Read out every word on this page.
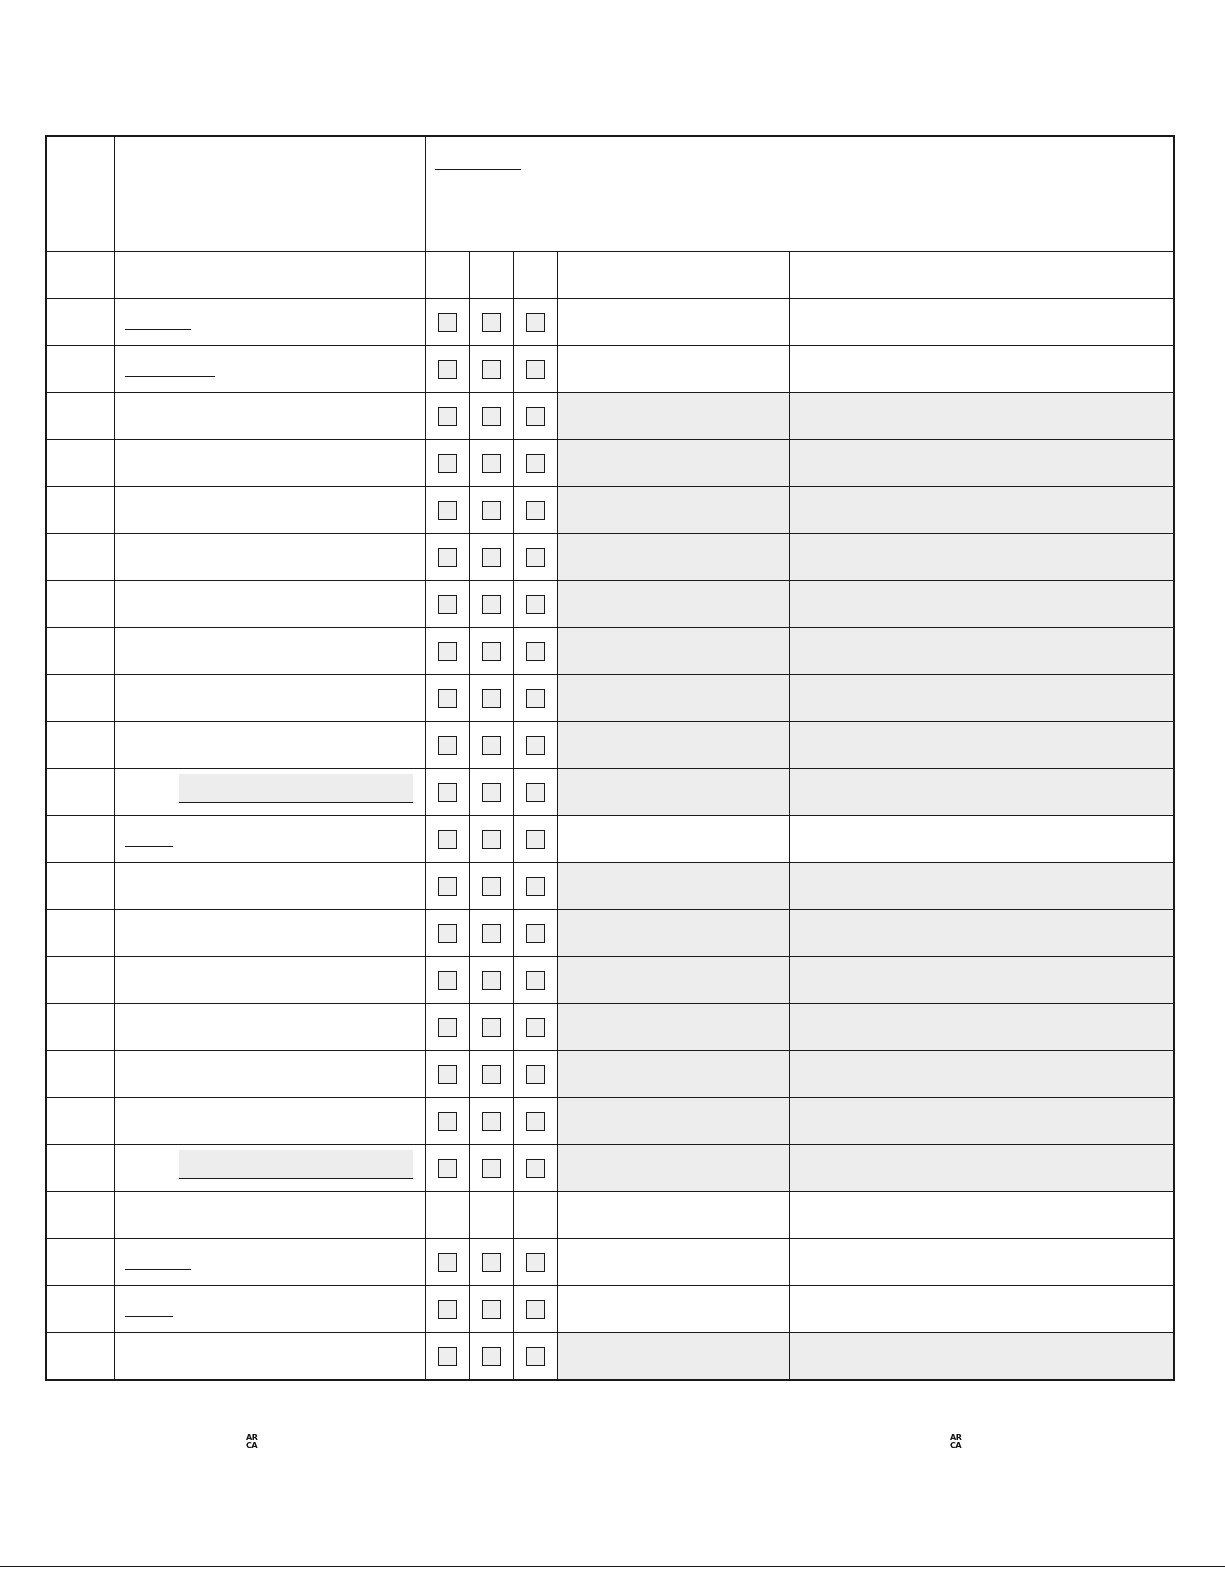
AR
CA
AR
CA
